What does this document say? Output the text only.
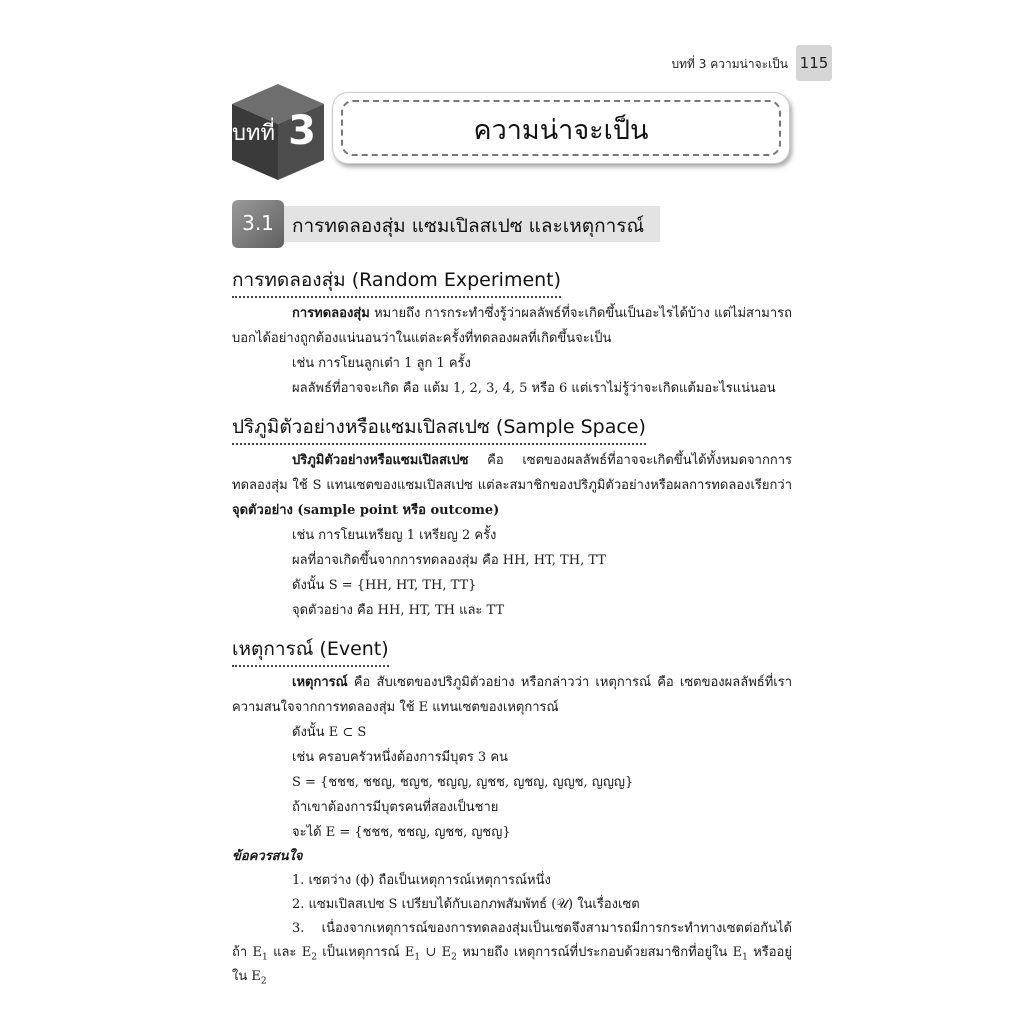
บทที่ 3 ความน่าจะเป็น 115
บทที่ 3	ความน่าจะเป็น
3.1 การทดลองสุ่ม แซมเปิลสเปซ และเหตุการณ์
การทดลองสุ่ม (Random Experiment)
การทดลองสุ่ม หมายถึง การกระทำซึ่งรู้ว่าผลลัพธ์ที่จะเกิดขึ้นเป็นอะไรได้บ้าง แต่ไม่สามารถ
บอกได้อย่างถูกต้องแน่นอนว่าในแต่ละครั้งที่ทดลองผลที่เกิดขึ้นจะเป็น
เช่น การโยนลูกเต๋า 1 ลูก 1 ครั้ง
ผลลัพธ์ที่อาจจะเกิด คือ แต้ม 1, 2, 3, 4, 5 หรือ 6 แต่เราไม่รู้ว่าจะเกิดแต้มอะไรแน่นอน
ปริภูมิตัวอย่างหรือแซมเปิลสเปซ (Sample Space)
ปริภูมิตัวอย่างหรือแซมเปิลสเปซ คือ เซตของผลลัพธ์ที่อาจจะเกิดขึ้นได้ทั้งหมดจากการ
ทดลองสุ่ม ใช้ S แทนเซตของแซมเปิลสเปซ แต่ละสมาชิกของปริภูมิตัวอย่างหรือผลการทดลองเรียกว่า
จุดตัวอย่าง (sample point หรือ outcome)
เช่น การโยนเหรียญ 1 เหรียญ 2 ครั้ง
ผลที่อาจเกิดขึ้นจากการทดลองสุ่ม คือ HH, HT, TH, TT
ดังนั้น S = {HH, HT, TH, TT}
จุดตัวอย่าง คือ HH, HT, TH และ TT
เหตุการณ์ (Event)
เหตุการณ์ คือ สับเซตของปริภูมิตัวอย่าง หรือกล่าวว่า เหตุการณ์ คือ เซตของผลลัพธ์ที่เรา
ความสนใจจากการทดลองสุ่ม ใช้ E แทนเซตของเหตุการณ์
ดังนั้น E ⊂ S
เช่น ครอบครัวหนึ่งต้องการมีบุตร 3 คน
S = {ชชช, ชชญ, ชญช, ชญญ, ญชช, ญชญ, ญญช, ญญญ}
ถ้าเขาต้องการมีบุตรคนที่สองเป็นชาย
จะได้ E = {ชชช, ชชญ, ญชช, ญชญ}
ข้อควรสนใจ
1. เซตว่าง (ϕ) ถือเป็นเหตุการณ์เหตุการณ์หนึ่ง
2. แซมเปิลสเปซ S เปรียบได้กับเอกภพสัมพัทธ์ (𝒰) ในเรื่องเซต
3. เนื่องจากเหตุการณ์ของการทดลองสุ่มเป็นเซตจึงสามารถมีการกระทำทางเซตต่อกันได้
ถ้า $E_1$ และ $E_2$ เป็นเหตุการณ์ $E_1$ ∪ $E_2$ หมายถึง เหตุการณ์ที่ประกอบด้วยสมาชิกที่อยู่ใน $E_1$ หรืออยู่
ใน $E_2$
